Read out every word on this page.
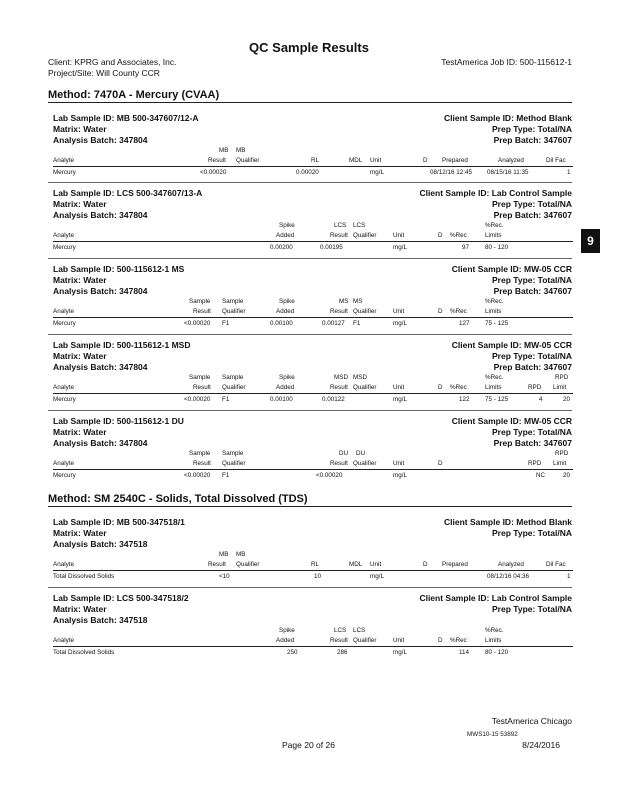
QC Sample Results
Client: KPRG and Associates, Inc.
Project/Site: Will County CCR
TestAmerica Job ID: 500-115612-1
9
Method: 7470A - Mercury (CVAA)
Lab Sample ID: MB 500-347607/12-A
Matrix: Water
Analysis Batch: 347804
Client Sample ID: Method Blank
Prep Type: Total/NA
Prep Batch: 347607
MB MB
Analyte	Result Qualifier	RL	MDL Unit	D Prepared	Analyzed	Dil Fac
Mercury	<0.00020	0.00020	mg/L	08/12/16 12:45 08/15/16 11:35	1
Lab Sample ID: LCS 500-347607/13-A
Matrix: Water
Analysis Batch: 347804
Client Sample ID: Lab Control Sample
Prep Type: Total/NA
Prep Batch: 347607
Spike	LCS LCS	%Rec.
Analyte	Added	Result Qualifier	Unit	D %Rec	Limits
Mercury	0.00200	0.00195	mg/L	97	80 - 120
Lab Sample ID: 500-115612-1 MS
Matrix: Water
Analysis Batch: 347804
Client Sample ID: MW-05 CCR
Prep Type: Total/NA
Prep Batch: 347607
Sample Sample	Spike	MS MS	%Rec.
Analyte	Result Qualifier	Added	Result Qualifier	Unit	D %Rec	Limits
Mercury	<0.00020 F1	0.00100	0.00127 F1	mg/L	127 75 - 125
Lab Sample ID: 500-115612-1 MSD
Matrix: Water
Analysis Batch: 347804
Client Sample ID: MW-05 CCR
Prep Type: Total/NA
Prep Batch: 347607
Sample Sample	Spike	MSD MSD	%Rec.	RPD
Analyte	Result Qualifier	Added	Result Qualifier	Unit	D %Rec	Limits	RPD Limit
Mercury	<0.00020 F1	0.00100	0.00122	mg/L	122 75 - 125	4	20
Lab Sample ID: 500-115612-1 DU
Matrix: Water
Analysis Batch: 347804
Client Sample ID: MW-05 CCR
Prep Type: Total/NA
Prep Batch: 347607
Sample Sample	DU DU	RPD
Analyte	Result Qualifier	Result Qualifier	Unit	D	RPD Limit
Mercury	<0.00020 F1	<0.00020	mg/L	NC	20
Method: SM 2540C - Solids, Total Dissolved (TDS)
Lab Sample ID: MB 500-347518/1
Matrix: Water
Analysis Batch: 347518
Client Sample ID: Method Blank
Prep Type: Total/NA
MB MB
Analyte	Result Qualifier	RL	MDL Unit	D Prepared	Analyzed	Dil Fac
Total Dissolved Solids	<10	10	mg/L	08/12/16 04:36	1
Lab Sample ID: LCS 500-347518/2
Matrix: Water
Analysis Batch: 347518
Client Sample ID: Lab Control Sample
Prep Type: Total/NA
Spike	LCS LCS	%Rec.
Analyte	Added	Result Qualifier	Unit	D %Rec	Limits
Total Dissolved Solids	250	286	mg/L	114	80 - 120
TestAmerica Chicago
MWS10-15 53892
Page 20 of 26	8/24/2016
